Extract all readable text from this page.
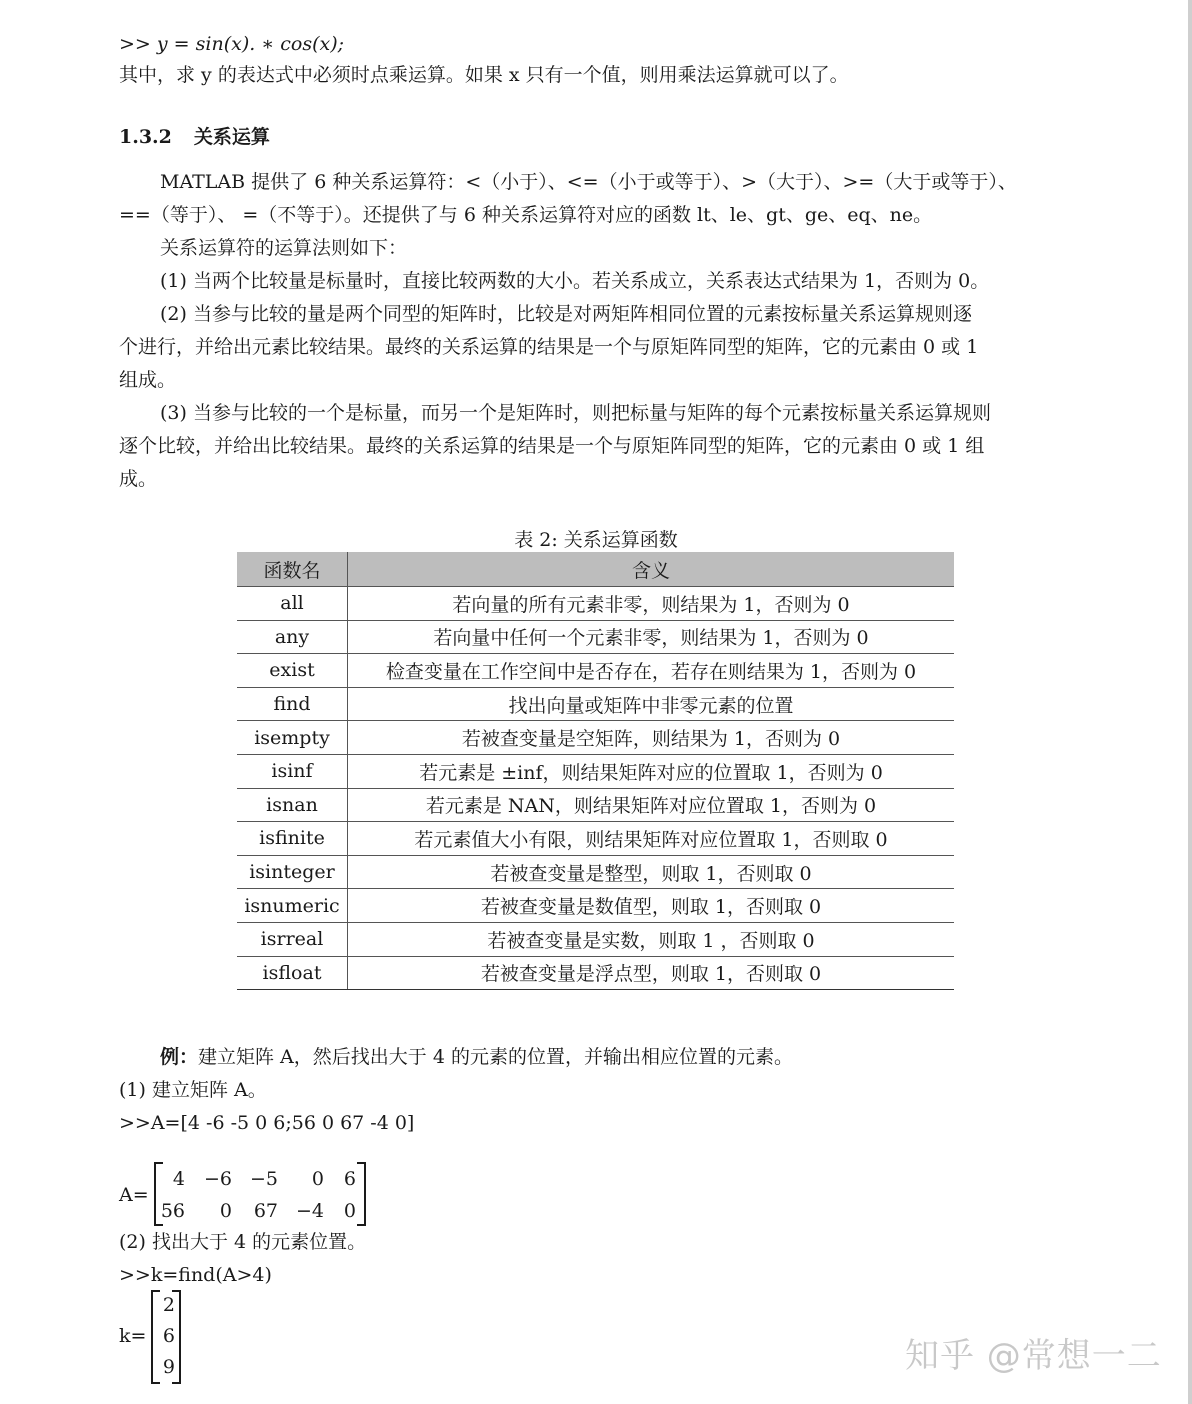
>> y = sin(x). ∗ cos(x);
其中，求 y 的表达式中必须时点乘运算。如果 x 只有一个值，则用乘法运算就可以了。
1.3.2 关系运算
MATLAB 提供了 6 种关系运算符：<（小于）、<=（小于或等于）、>（大于）、>=（大于或等于）、
==（等于）、 =（不等于）。还提供了与 6 种关系运算符对应的函数 lt、le、gt、ge、eq、ne。
关系运算符的运算法则如下：
(1) 当两个比较量是标量时，直接比较两数的大小。若关系成立，关系表达式结果为 1，否则为 0。
(2) 当参与比较的量是两个同型的矩阵时，比较是对两矩阵相同位置的元素按标量关系运算规则逐
个进行，并给出元素比较结果。最终的关系运算的结果是一个与原矩阵同型的矩阵，它的元素由 0 或 1
组成。
(3) 当参与比较的一个是标量，而另一个是矩阵时，则把标量与矩阵的每个元素按标量关系运算规则
逐个比较，并给出比较结果。最终的关系运算的结果是一个与原矩阵同型的矩阵，它的元素由 0 或 1 组
成。
表 2: 关系运算函数
函数名	含义
all	若向量的所有元素非零，则结果为 1，否则为 0
any	若向量中任何一个元素非零，则结果为 1，否则为 0
exist	检查变量在工作空间中是否存在，若存在则结果为 1，否则为 0
find	找出向量或矩阵中非零元素的位置
isempty	若被查变量是空矩阵，则结果为 1，否则为 0
isinf	若元素是 ±inf，则结果矩阵对应的位置取 1，否则为 0
isnan	若元素是 NAN，则结果矩阵对应位置取 1，否则为 0
isfinite	若元素值大小有限，则结果矩阵对应位置取 1，否则取 0
isinteger	若被查变量是整型，则取 1，否则取 0
isnumeric	若被查变量是数值型，则取 1，否则取 0
isrreal	若被查变量是实数，则取 1 ，否则取 0
isfloat	若被查变量是浮点型，则取 1，否则取 0
例：建立矩阵 A，然后找出大于 4 的元素的位置，并输出相应位置的元素。
(1) 建立矩阵 A。
>>A=[4 -6 -5 0 6;56 0 67 -4 0]
A=
4 −6 −5	0	6
56	0	67 −4	0
(2) 找出大于 4 的元素位置。
>>k=find(A>4)
k=
2
6
9	知乎 @常想一二
